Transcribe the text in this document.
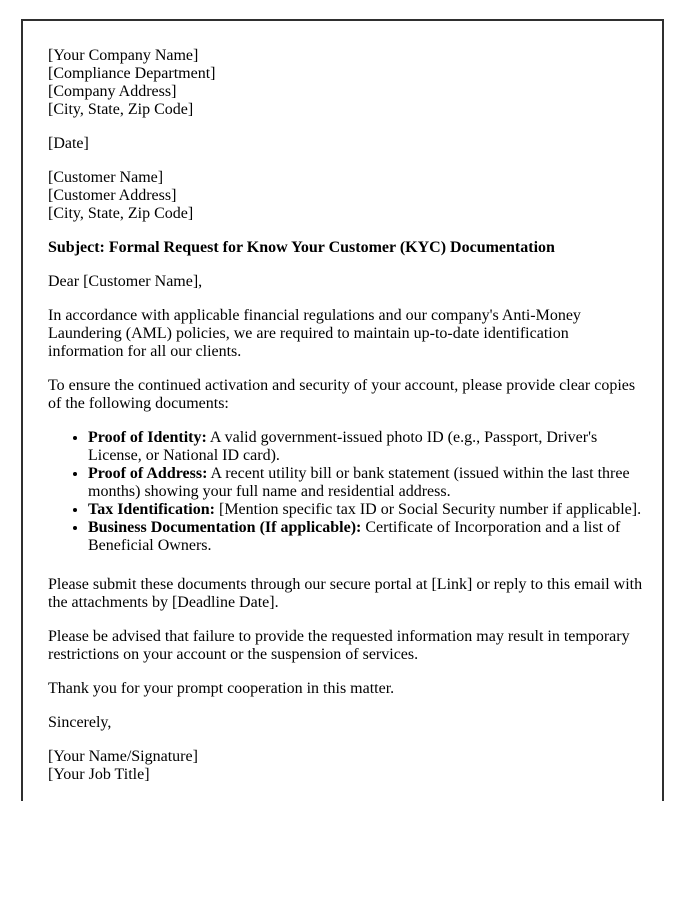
[Your Company Name]
[Compliance Department]
[Company Address]
[City, State, Zip Code]

[Date]

[Customer Name]
[Customer Address]
[City, State, Zip Code]

Subject: Formal Request for Know Your Customer (KYC) Documentation

Dear [Customer Name],

In accordance with applicable financial regulations and our company's Anti-Money Laundering (AML) policies, we are required to maintain up-to-date identification information for all our clients.

To ensure the continued activation and security of your account, please provide clear copies of the following documents:

• Proof of Identity: A valid government-issued photo ID (e.g., Passport, Driver's License, or National ID card).
• Proof of Address: A recent utility bill or bank statement (issued within the last three months) showing your full name and residential address.
• Tax Identification: [Mention specific tax ID or Social Security number if applicable].
• Business Documentation (If applicable): Certificate of Incorporation and a list of Beneficial Owners.

Please submit these documents through our secure portal at [Link] or reply to this email with the attachments by [Deadline Date].

Please be advised that failure to provide the requested information may result in temporary restrictions on your account or the suspension of services.

Thank you for your prompt cooperation in this matter.

Sincerely,

[Your Name/Signature]
[Your Job Title]
